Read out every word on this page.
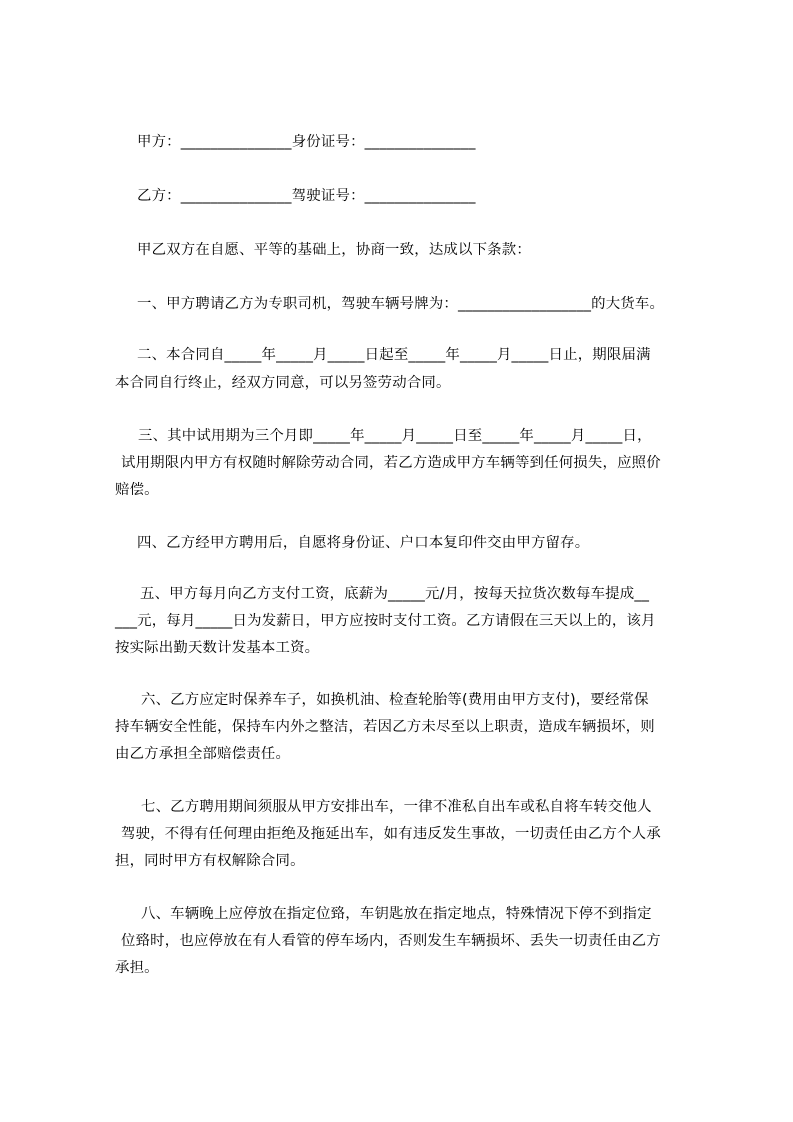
甲方：_______________身份证号：_______________
乙方：_______________驾驶证号：_______________
甲乙双方在自愿、平等的基础上，协商一致，达成以下条款：
一、甲方聘请乙方为专职司机，驾驶车辆号牌为：__________________的大货车。
二、本合同自_____年_____月_____日起至_____年_____月_____日止，期限届满
本合同自行终止，经双方同意，可以另签劳动合同。
三、其中试用期为三个月即_____年_____月_____日至_____年_____月_____日，
试用期限内甲方有权随时解除劳动合同，若乙方造成甲方车辆等到任何损失，应照价
赔偿。
四、乙方经甲方聘用后，自愿将身份证、户口本复印件交由甲方留存。
五、甲方每月向乙方支付工资，底薪为_____元/月，按每天拉货次数每车提成__
___元，每月_____日为发薪日，甲方应按时支付工资。乙方请假在三天以上的，该月
按实际出勤天数计发基本工资。
六、乙方应定时保养车子，如换机油、检查轮胎等(费用由甲方支付)，要经常保
持车辆安全性能，保持车内外之整洁，若因乙方未尽至以上职责，造成车辆损坏，则
由乙方承担全部赔偿责任。
七、乙方聘用期间须服从甲方安排出车，一律不准私自出车或私自将车转交他人
驾驶，不得有任何理由拒绝及拖延出车，如有违反发生事故，一切责任由乙方个人承
担，同时甲方有权解除合同。
八、车辆晚上应停放在指定位臵，车钥匙放在指定地点，特殊情况下停不到指定
位臵时，也应停放在有人看管的停车场内，否则发生车辆损坏、丢失一切责任由乙方
承担。
